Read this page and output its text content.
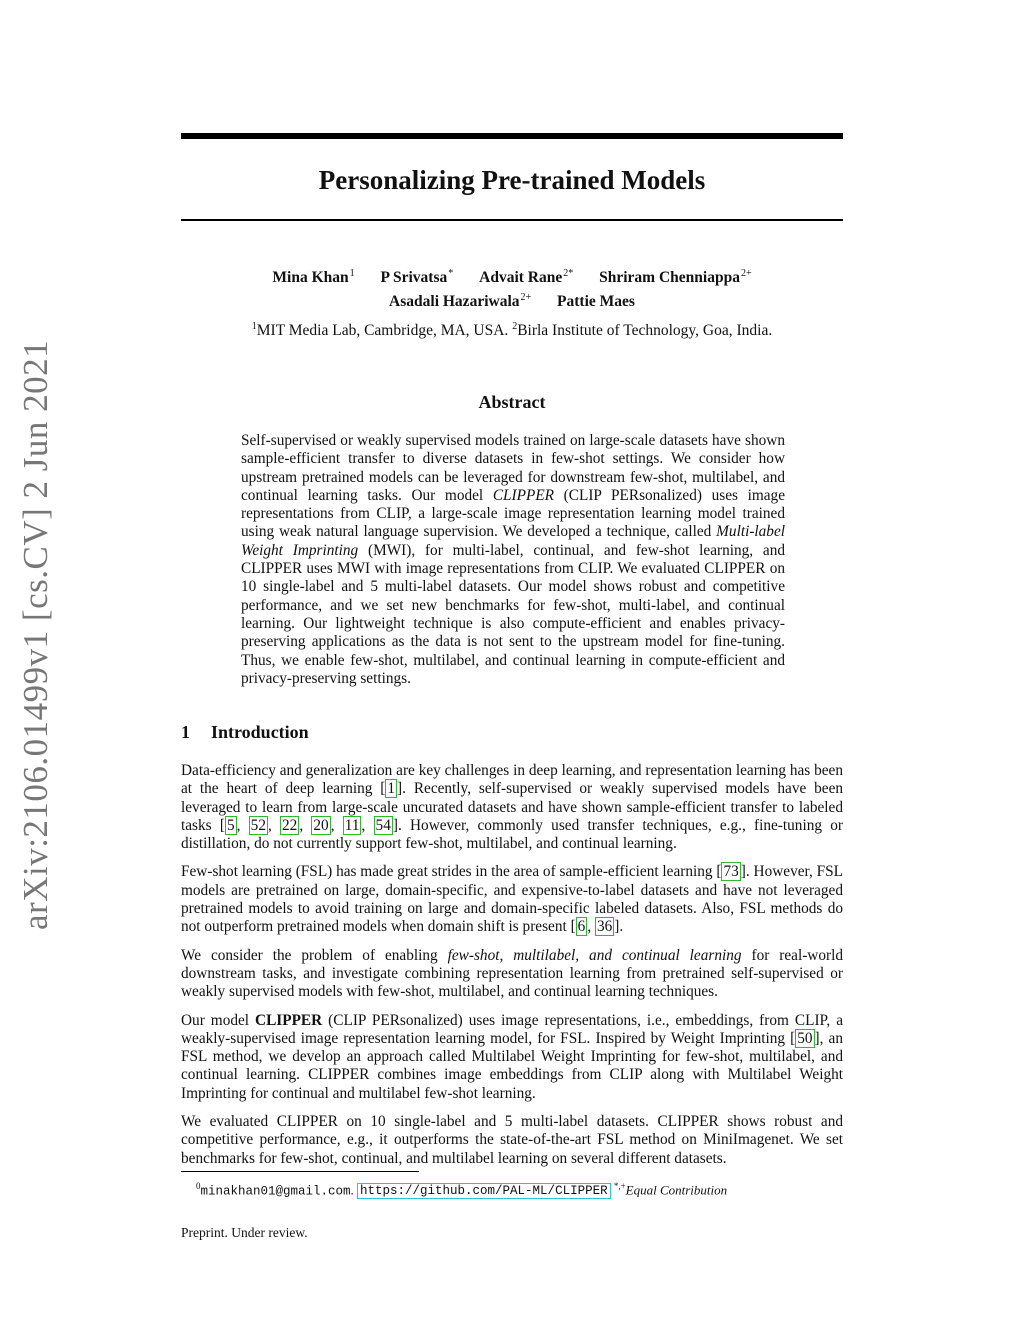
arXiv:2106.01499v1 [cs.CV] 2 Jun 2021
Personalizing Pre-trained Models
Mina Khan$^1$ P Srivatsa* Advait Rane$^{2*}$ Shriram Chenniappa$^{2+}$
Asadali Hazariwala$^{2+}$ Pattie Maes
$^1$MIT Media Lab, Cambridge, MA, USA. $^2$Birla Institute of Technology, Goa, India.
Abstract
Self-supervised or weakly supervised models trained on large-scale datasets have shown sample-efficient transfer to diverse datasets in few-shot settings. We consider how upstream pretrained models can be leveraged for downstream few-shot, multilabel, and continual learning tasks. Our model CLIPPER (CLIP PERsonalized) uses image representations from CLIP, a large-scale image representation learning model trained using weak natural language supervision. We developed a technique, called Multi-label Weight Imprinting (MWI), for multi-label, continual, and few-shot learning, and CLIPPER uses MWI with image representations from CLIP. We evaluated CLIPPER on 10 single-label and 5 multi-label datasets. Our model shows robust and competitive performance, and we set new benchmarks for few-shot, multi-label, and continual learning. Our lightweight technique is also compute-efficient and enables privacy-preserving applications as the data is not sent to the upstream model for fine-tuning. Thus, we enable few-shot, multilabel, and continual learning in compute-efficient and privacy-preserving settings.
1 Introduction

Data-efficiency and generalization are key challenges in deep learning, and representation learning has been at the heart of deep learning [ 1 ]. Recently, self-supervised or weakly supervised models have been leveraged to learn from large-scale uncurated datasets and have shown sample-efficient transfer to labeled tasks [ 5 , 52 , 22 , 20 , 11 , 54 ]. However, commonly used transfer techniques, e.g., fine-tuning or distillation, do not currently support few-shot, multilabel, and continual learning.

Few-shot learning (FSL) has made great strides in the area of sample-efficient learning [ 73 ]. However, FSL models are pretrained on large, domain-specific, and expensive-to-label datasets and have not leveraged pretrained models to avoid training on large and domain-specific labeled datasets. Also, FSL methods do not outperform pretrained models when domain shift is present [ 6 , 36 ].

We consider the problem of enabling few-shot, multilabel, and continual learning for real-world downstream tasks, and investigate combining representation learning from pretrained self-supervised or weakly supervised models with few-shot, multilabel, and continual learning techniques.

Our model CLIPPER (CLIP PERsonalized) uses image representations, i.e., embeddings, from CLIP, a weakly-supervised image representation learning model, for FSL. Inspired by Weight Imprinting [ 50 ], an FSL method, we develop an approach called Multilabel Weight Imprinting for few-shot, multilabel, and continual learning. CLIPPER combines image embeddings from CLIP along with Multilabel Weight Imprinting for continual and multilabel few-shot learning.

We evaluated CLIPPER on 10 single-label and 5 multi-label datasets. CLIPPER shows robust and competitive performance, e.g., it outperforms the state-of-the-art FSL method on MiniImagenet. We set benchmarks for few-shot, continual, and multilabel learning on several different datasets.

$^0$minakhan01@gmail.com. https://github.com/PAL-ML/CLIPPER *,+Equal Contribution
Preprint. Under review.
